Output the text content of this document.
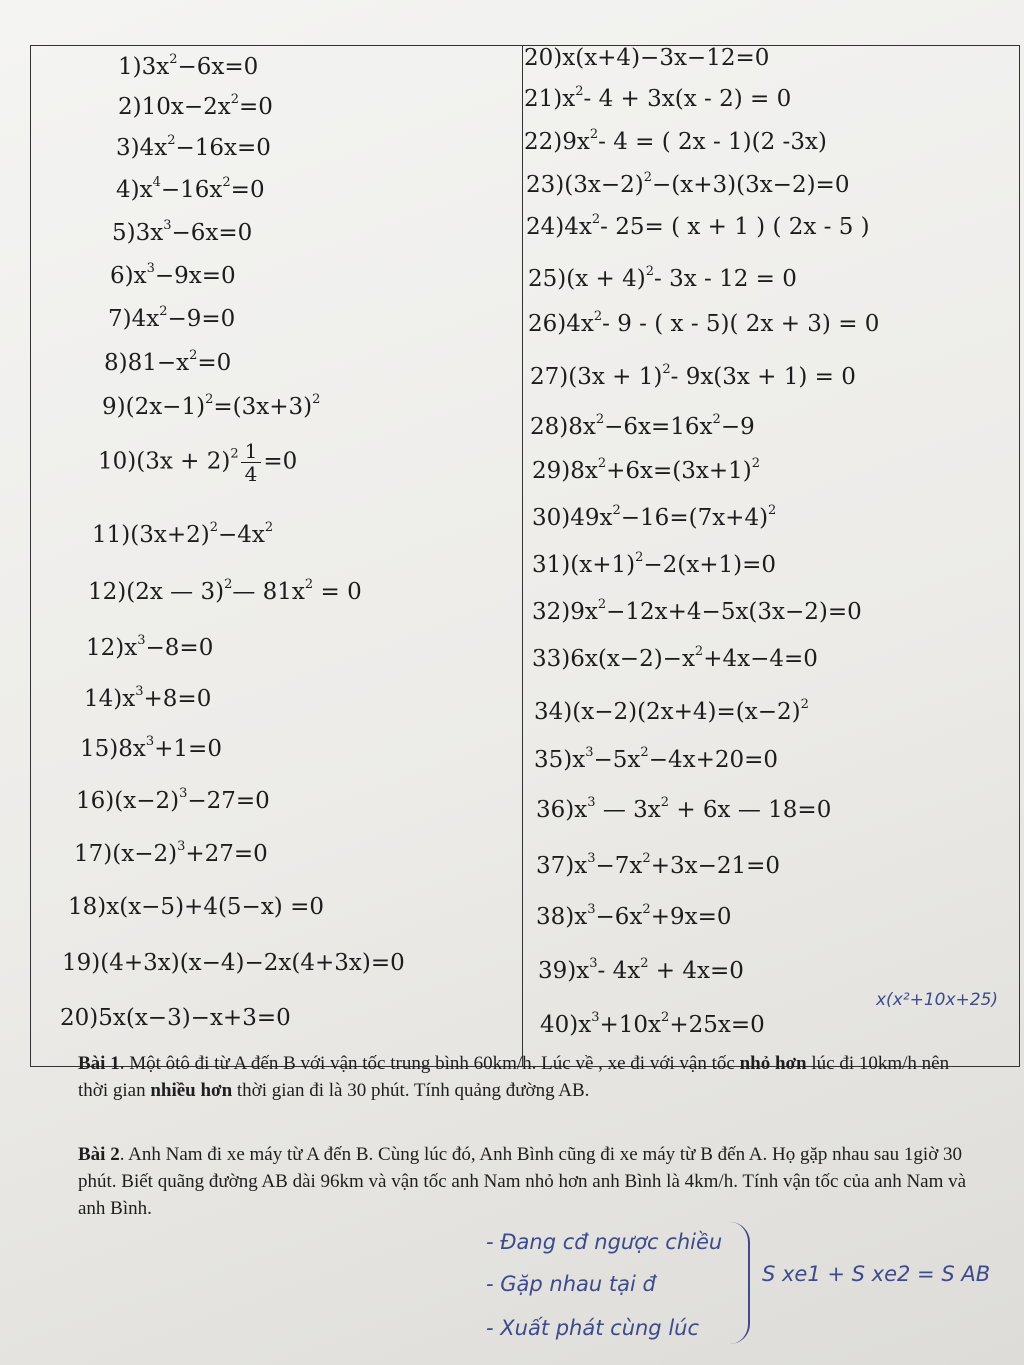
x(x²+10x+25)
Bài 1. Một ôtô đi từ A đến B với vận tốc trung bình 60km/h. Lúc về , xe đi với vận tốc nhỏ hơn lúc đi 10km/h nên thời gian nhiều hơn thời gian đi là 30 phút. Tính quảng đường AB.
Bài 2. Anh Nam đi xe máy từ A đến B. Cùng lúc đó, Anh Bình cũng đi xe máy từ B đến A. Họ gặp nhau sau 1giờ 30 phút. Biết quãng đường AB dài 96km và vận tốc anh Nam nhỏ hơn anh Bình là 4km/h. Tính vận tốc của anh Nam và anh Bình.
- Đang cđ ngược chiều
- Gặp nhau tại đ
- Xuất phát cùng lúc
S xe1 + S xe2 = S AB
$1)3x^2-6x=0$
$2)10x-2x^2=0$
$3)4x^2-16x=0$
$4)x^4-16x^2=0$
$5)3x^3-6x=0$
$6)x^3-9x=0$
$7)4x^2-9=0$
$8)81-x^2=0$
$9)(2x-1)^2=(3x+3)^2$
$10)(3x + 2)^2 \frac{1}{4} =0$
$11)(3x+2)^2-4x^2$
12)(2x — 3)$^2$— $81x^2 = 0$
$12)x^3-8=0$
$14)x^3+8=0$
$15)8x^3+1=0$
$16)(x-2)^3-27=0$
$17)(x-2)^3+27=0$
18)x(x−5)+4(5−x) =0
19)(4+3x)(x−4)−2x(4+3x)=0
20)5x(x−3)−x+3=0
20)x(x+4)−3x−12=0
$21)x^2-$ 4 + 3x(x - 2) = 0
$22)9x^2-$ 4 = ( 2x - 1)(2 -3x)
$23)(3x-2)^2-(x+3)(3x-2)=0$
$24)4x^2-$ 25= ( x + 1 ) ( 2x - 5 )
$25)(x + 4)^2-$ 3x - 12 = 0
$26)4x^2-$ 9 - ( x - 5)( 2x + 3) = 0
$27)(3x + 1)^2-$ 9x(3x + 1) = 0
$28)8x^2-6x=16x^2-9$
$29)8x^2+6x=(3x+1)^2$
$30)49x^2-16=(7x+4)^2$
$31)(x+1)^2-2(x+1)=0$
$32)9x^2-12x+4-5x(3x-2)=0$
$33)6x(x-2)-x^2+4x-4=0$
$34)(x-2)(2x+4)=(x-2)^2$
$35)x^3-5x^2-4x+20=0$
$36)x^3$ — $3x^2 + 6x$ — 18=0
$37)x^3-7x^2+3x-21=0$
$38)x^3-6x^2+9x=0$
$39)x^3-$ $4x^2 + 4x=0$
$40)x^3+10x^2+25x=0$
